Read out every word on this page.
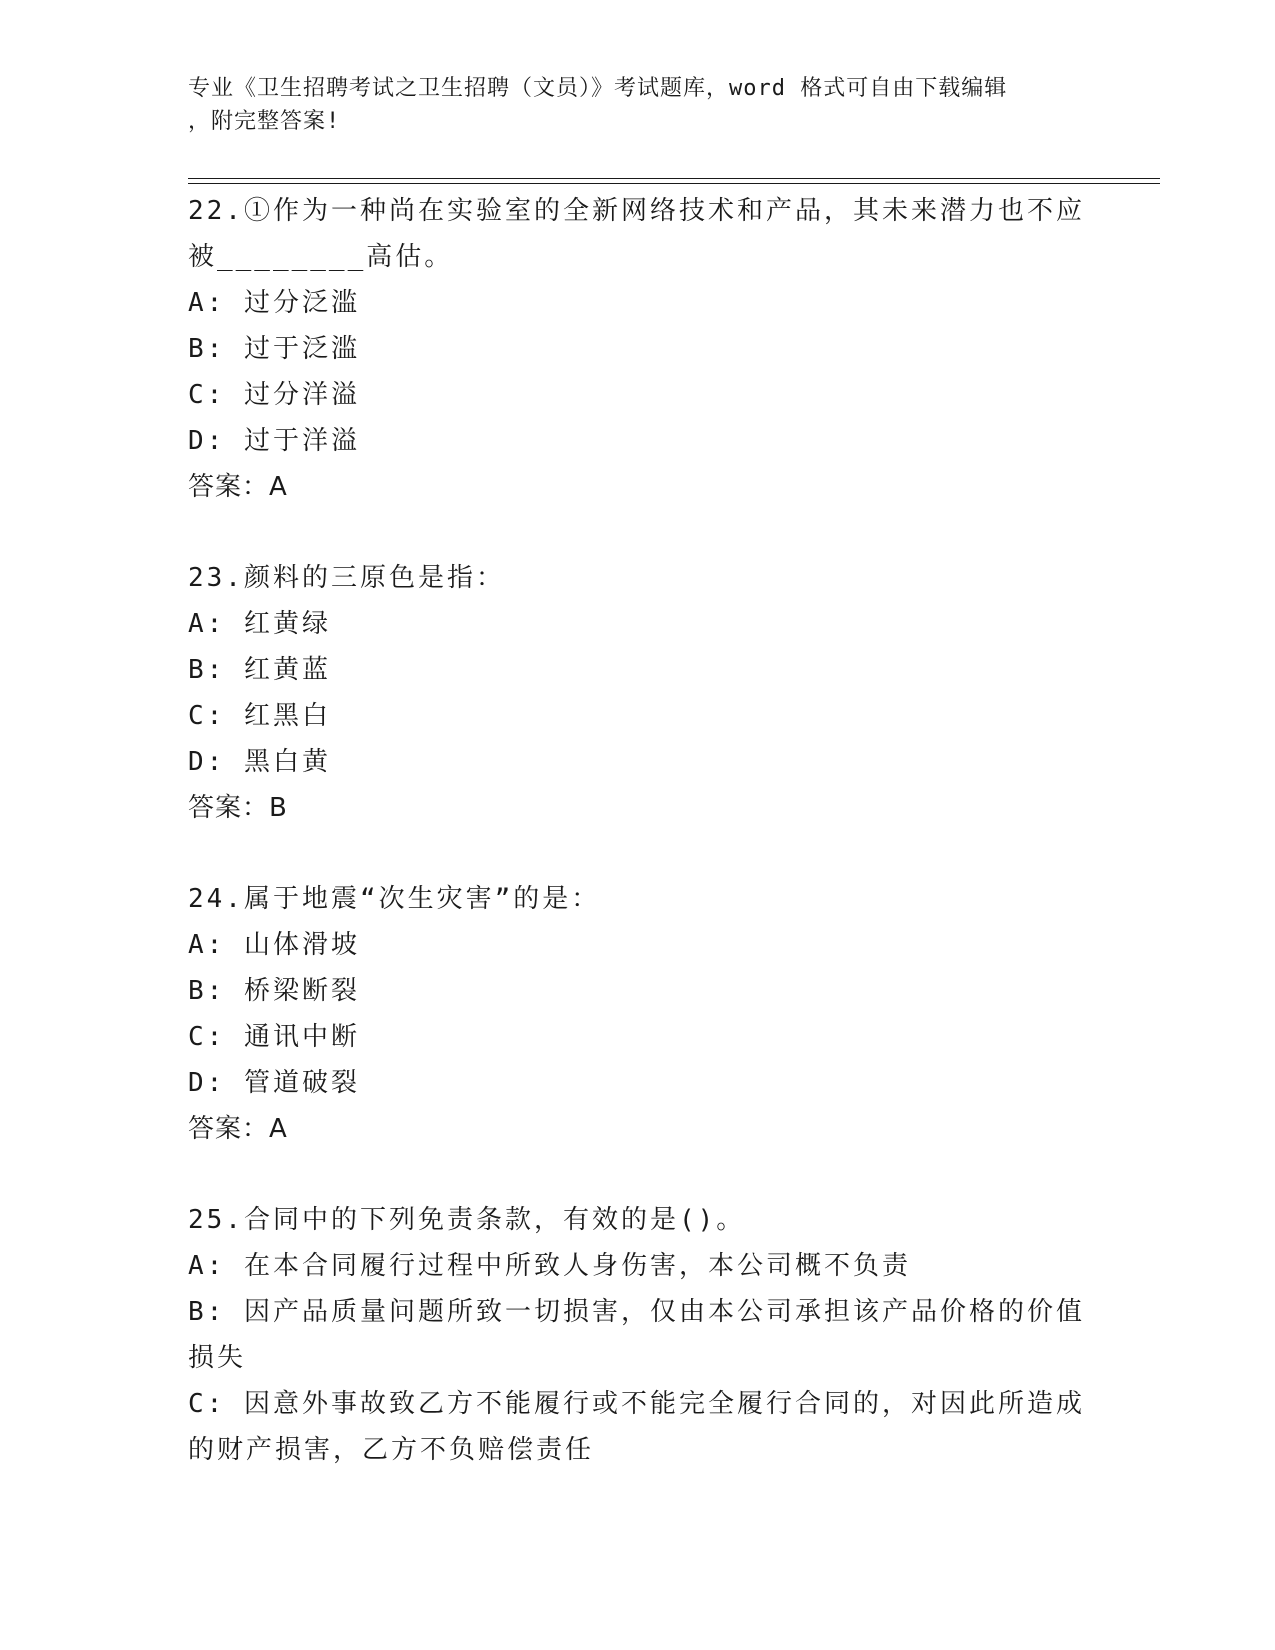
专业《卫生招聘考试之卫生招聘（文员）》考试题库，word 格式可自由下载编辑
，附完整答案!

22.①作为一种尚在实验室的全新网络技术和产品，其未来潜力也不应

被________高估。

A: 过分泛滥

B: 过于泛滥

C: 过分洋溢

D: 过于洋溢

答案：A

23.颜料的三原色是指：

A: 红黄绿

B: 红黄蓝

C: 红黑白

D: 黑白黄

答案：B

24.属于地震“次生灾害”的是：

A: 山体滑坡

B: 桥梁断裂

C: 通讯中断

D: 管道破裂

答案：A

25.合同中的下列免责条款，有效的是()。

A: 在本合同履行过程中所致人身伤害，本公司概不负责

B: 因产品质量问题所致一切损害，仅由本公司承担该产品价格的价值

损失

C: 因意外事故致乙方不能履行或不能完全履行合同的，对因此所造成

的财产损害，乙方不负赔偿责任
